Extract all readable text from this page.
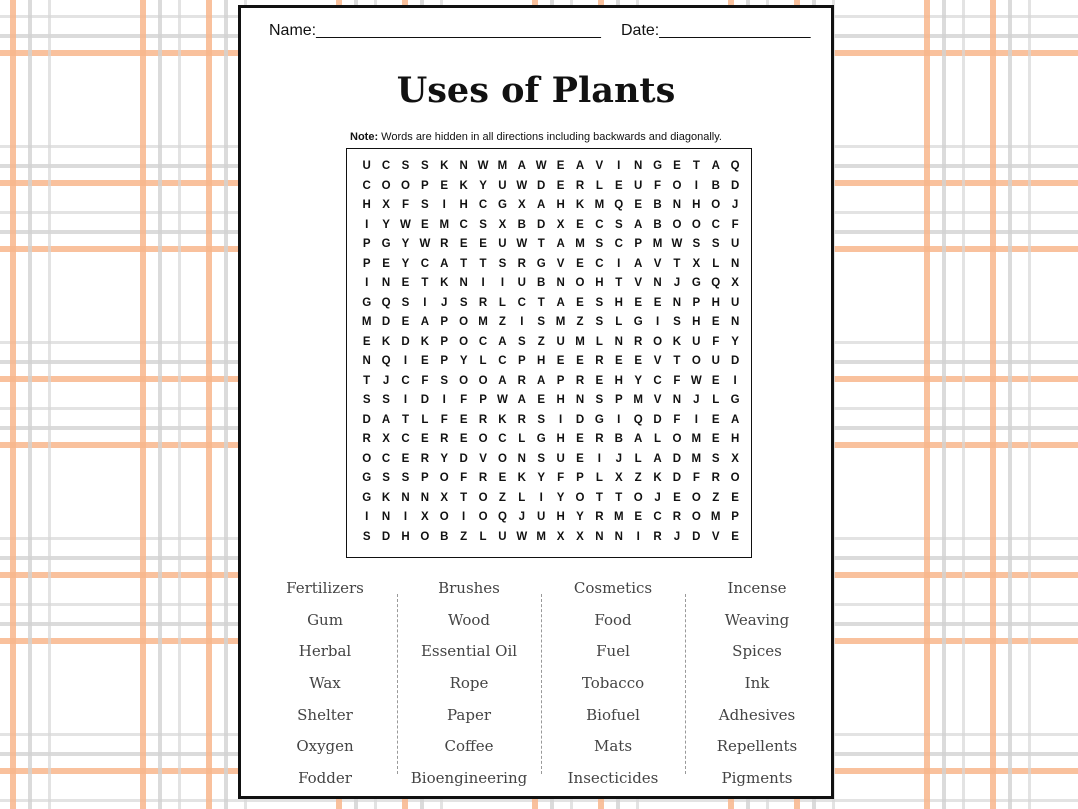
Name:________________________________ Date:_________________
Uses of Plants
Note: Words are hidden in all directions including backwards and diagonally.
U C S	S K N W M A W E A V	I	N G E	T	A Q
C O O P	E K Y U W D E R	L	E U	F O	I	B D
H X	F	S	I	H C G X A H K M Q E B N H O	J
I	Y W E M C S	X B D X	E C S A B O O C	F
P G Y W R E	E U W T	A M S C P M W S	S U
P	E	Y C A	T	T	S R G V	E C	I	A V	T	X	L	N
I	N E	T	K N	I	I	U B N O H	T	V N	J	G Q X
G Q S	I	J	S R	L	C	T	A E	S H E	E N P H U
M D E A P O M Z	I	S M Z	S	L G	I	S H E N
E K D K P O C A S	Z	U M L	N R O K U	F	Y
N Q	I	E	P	Y	L	C P H E	E R E	E	V	T O U D
T	J	C	F	S O O A R A P R E H Y C	F W E	I
S	S	I	D	I	F	P W A E H N S	P M V N	J	L G
D A	T	L	F	E R K R S	I	D G	I	Q D	F	I	E A
R X C E R E O C	L G H E R B A	L O M E H
O C E R Y D V O N S U E	I	J	L	A D M S	X
G S	S	P O F	R E K Y	F	P	L	X	Z	K D	F	R O
G K N N X	T O Z	L	I	Y O T	T O	J	E O Z	E
I	N	I	X O	I	O Q	J	U H Y R M E C R O M P
S D H O B	Z	L	U W M X	X N N	I	R	J	D V	E
Fertilizers
Gum
Herbal
Wax
Shelter
Oxygen
Fodder
Brushes
Wood
Essential Oil
Rope
Paper
Coffee
Bioengineering
Cosmetics
Food
Fuel
Tobacco
Biofuel
Mats
Insecticides
Incense
Weaving
Spices
Ink
Adhesives
Repellents
Pigments
